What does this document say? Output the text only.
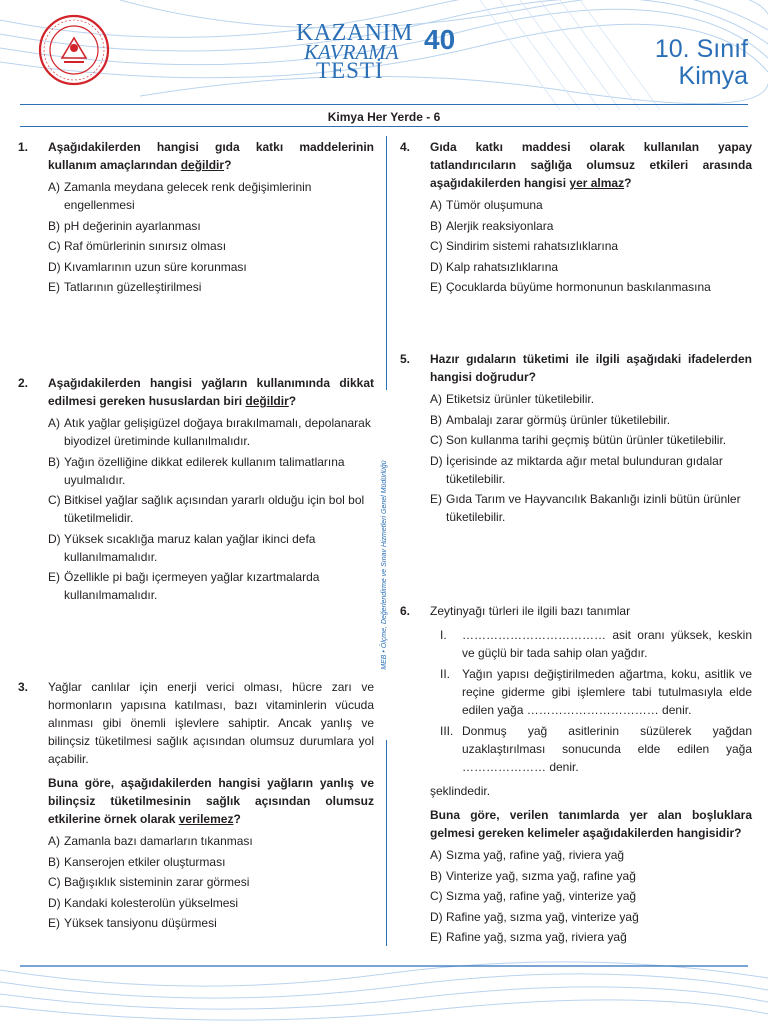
KAZANIM
KAVRAMA
TESTİ
40	10. Sınıf
Kimya
Kimya Her Yerde - 6
1.	Aşağıdakilerden hangisi gıda katkı maddelerinin kullanım amaçlarından değildir?
A) Zamanla meydana gelecek renk değişimlerinin engellenmesi
B) pH değerinin ayarlanması
C) Raf ömürlerinin sınırsız olması
D) Kıvamlarının uzun süre korunması
E) Tatlarının güzelleştirilmesi
2.	Aşağıdakilerden hangisi yağların kullanımında dikkat edilmesi gereken hususlardan biri değildir?
A) Atık yağlar gelişigüzel doğaya bırakılmamalı, depolanarak biyodizel üretiminde kullanılmalıdır.
B) Yağın özelliğine dikkat edilerek kullanım talimatlarına uyulmalıdır.
C) Bitkisel yağlar sağlık açısından yararlı olduğu için bol bol tüketilmelidir.
D) Yüksek sıcaklığa maruz kalan yağlar ikinci defa kullanılmamalıdır.
E) Özellikle pi bağı içermeyen yağlar kızartmalarda kullanılmamalıdır.
3.	Yağlar canlılar için enerji verici olması, hücre zarı ve hormonların yapısına katılması, bazı vitaminlerin vücuda alınması gibi önemli işlevlere sahiptir. Ancak yanlış ve bilinçsiz tüketilmesi sağlık açısından olumsuz durumlara yol açabilir.
Buna göre, aşağıdakilerden hangisi yağların yanlış ve bilinçsiz tüketilmesinin sağlık açısından olumsuz etkilerine örnek olarak verilemez?
A) Zamanla bazı damarların tıkanması
B) Kanserojen etkiler oluşturması
C) Bağışıklık sisteminin zarar görmesi
D) Kandaki kolesterolün yükselmesi
E) Yüksek tansiyonu düşürmesi
MEB • Ölçme, Değerlendirme ve Sınav Hizmetleri Genel Müdürlüğü
4.	Gıda katkı maddesi olarak kullanılan yapay tatlandırıcıların sağlığa olumsuz etkileri arasında aşağıdakilerden hangisi yer almaz?
A) Tümör oluşumuna
B) Alerjik reaksiyonlara
C) Sindirim sistemi rahatsızlıklarına
D) Kalp rahatsızlıklarına
E) Çocuklarda büyüme hormonunun baskılanmasına
5.	Hazır gıdaların tüketimi ile ilgili aşağıdaki ifadelerden hangisi doğrudur?
A) Etiketsiz ürünler tüketilebilir.
B) Ambalajı zarar görmüş ürünler tüketilebilir.
C) Son kullanma tarihi geçmiş bütün ürünler tüketilebilir.
D) İçerisinde az miktarda ağır metal bulunduran gıdalar tüketilebilir.
E) Gıda Tarım ve Hayvancılık Bakanlığı izinli bütün ürünler tüketilebilir.
6.	Zeytinyağı türleri ile ilgili bazı tanımlar
I.	……………………………… asit oranı yüksek, keskin ve güçlü bir tada sahip olan yağdır.
II. Yağın yapısı değiştirilmeden ağartma, koku, asitlik ve reçine giderme gibi işlemlere tabi tutulmasıyla elde edilen yağa …………………………… denir.
III. Donmuş yağ asitlerinin süzülerek yağdan uzaklaştırılması sonucunda elde edilen yağa ………………… denir.
şeklindedir.
Buna göre, verilen tanımlarda yer alan boşluklara gelmesi gereken kelimeler aşağıdakilerden hangisidir?
A) Sızma yağ, rafine yağ, riviera yağ
B) Vinterize yağ, sızma yağ, rafine yağ
C) Sızma yağ, rafine yağ, vinterize yağ
D) Rafine yağ, sızma yağ, vinterize yağ
E) Rafine yağ, sızma yağ, riviera yağ
